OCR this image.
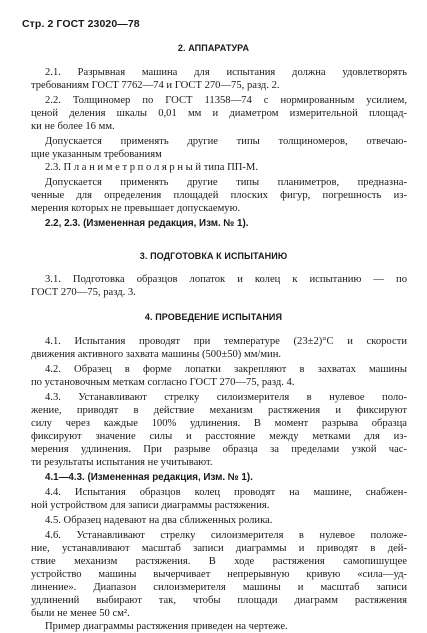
Стр. 2 ГОСТ 23020—78
2. АППАРАТУРА
2.1. Разрывная машина для испытания должна удовлетворять
требованиям ГОСТ 7762—74 и ГОСТ 270—75, разд. 2.
2.2. Толщиномер по ГОСТ 11358—74 с нормированным усилием,
ценой деления шкалы 0,01 мм и диаметром измерительной площад-
ки не более 16 мм.
Допускается применять другие типы толщиномеров, отвечаю-
щие указанным требованиям
2.3. П л а н и м е т р п о л я р н ы й типа ПП-М.
Допускается применять другие типы планиметров, предназна-
ченные для определения площадей плоских фигур, погрешность из-
мерения которых не превышает допускаемую.
2.2, 2.3. (Измененная редакция, Изм. № 1).
3. ПОДГОТОВКА К ИСПЫТАНИЮ
3.1. Подготовка образцов лопаток и колец к испытанию — по
ГОСТ 270—75, разд. 3.
4. ПРОВЕДЕНИЕ ИСПЫТАНИЯ
4.1. Испытания проводят при температуре (23±2)°С и скорости
движения активного захвата машины (500±50) мм/мин.
4.2. Образец в форме лопатки закрепляют в захватах машины
по установочным меткам согласно ГОСТ 270—75, разд. 4.
4.3. Устанавливают стрелку силоизмерителя в нулевое поло-
жение, приводят в действие механизм растяжения и фиксируют
силу через каждые 100% удлинения. В момент разрыва образца
фиксируют значение силы и расстояние между метками для из-
мерения удлинения. При разрыве образца за пределами узкой час-
ти результаты испытания не учитывают.
4.1—4.3. (Измененная редакция, Изм. № 1).
4.4. Испытания образцов колец проводят на машине, снабжен-
ной устройством для записи диаграммы растяжения.
4.5. Образец надевают на два сближенных ролика.
4.6. Устанавливают стрелку силоизмерителя в нулевое положе-
ние, устанавливают масштаб записи диаграммы и приводят в дей-
ствие механизм растяжения. В ходе растяжения самопишущее
устройство машины вычерчивает непрерывную кривую «сила—уд-
линение». Диапазон силоизмерителя машины и масштаб записи
удлинений выбирают так, чтобы площади диаграмм растяжения
были не менее 50 см².
Пример диаграммы растяжения приведен на чертеже.
